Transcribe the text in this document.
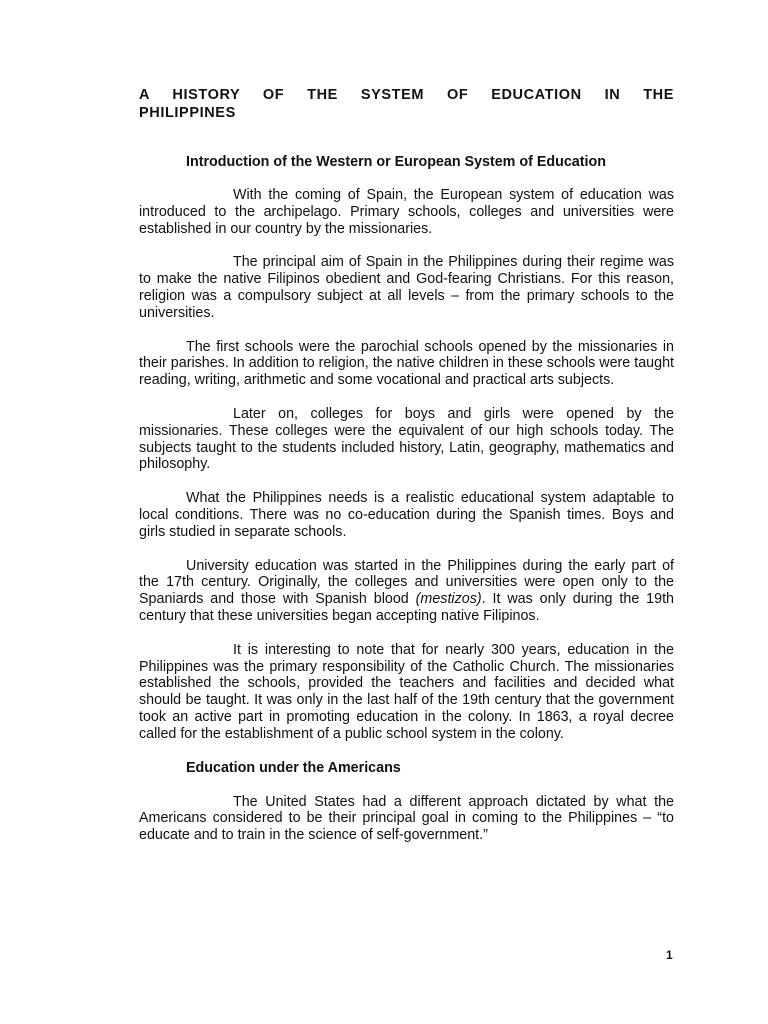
A HISTORY OF THE SYSTEM OF EDUCATION IN THE
PHILIPPINES

Introduction of the Western or European System of Education

With the coming of Spain, the European system of education was introduced to the archipelago. Primary schools, colleges and universities were established in our country by the missionaries.

The principal aim of Spain in the Philippines during their regime was to make the native Filipinos obedient and God-fearing Christians. For this reason, religion was a compulsory subject at all levels – from the primary schools to the universities.

The first schools were the parochial schools opened by the missionaries in their parishes. In addition to religion, the native children in these schools were taught reading, writing, arithmetic and some vocational and practical arts subjects.

Later on, colleges for boys and girls were opened by the missionaries. These colleges were the equivalent of our high schools today. The subjects taught to the students included history, Latin, geography, mathematics and philosophy.

What the Philippines needs is a realistic educational system adaptable to local conditions. There was no co-education during the Spanish times. Boys and girls studied in separate schools.

University education was started in the Philippines during the early part of the 17th century. Originally, the colleges and universities were open only to the Spaniards and those with Spanish blood (mestizos). It was only during the 19th century that these universities began accepting native Filipinos.

It is interesting to note that for nearly 300 years, education in the Philippines was the primary responsibility of the Catholic Church. The missionaries established the schools, provided the teachers and facilities and decided what should be taught. It was only in the last half of the 19th century that the government took an active part in promoting education in the colony. In 1863, a royal decree called for the establishment of a public school system in the colony.

Education under the Americans

The United States had a different approach dictated by what the Americans considered to be their principal goal in coming to the Philippines – “to educate and to train in the science of self-government.”

1
